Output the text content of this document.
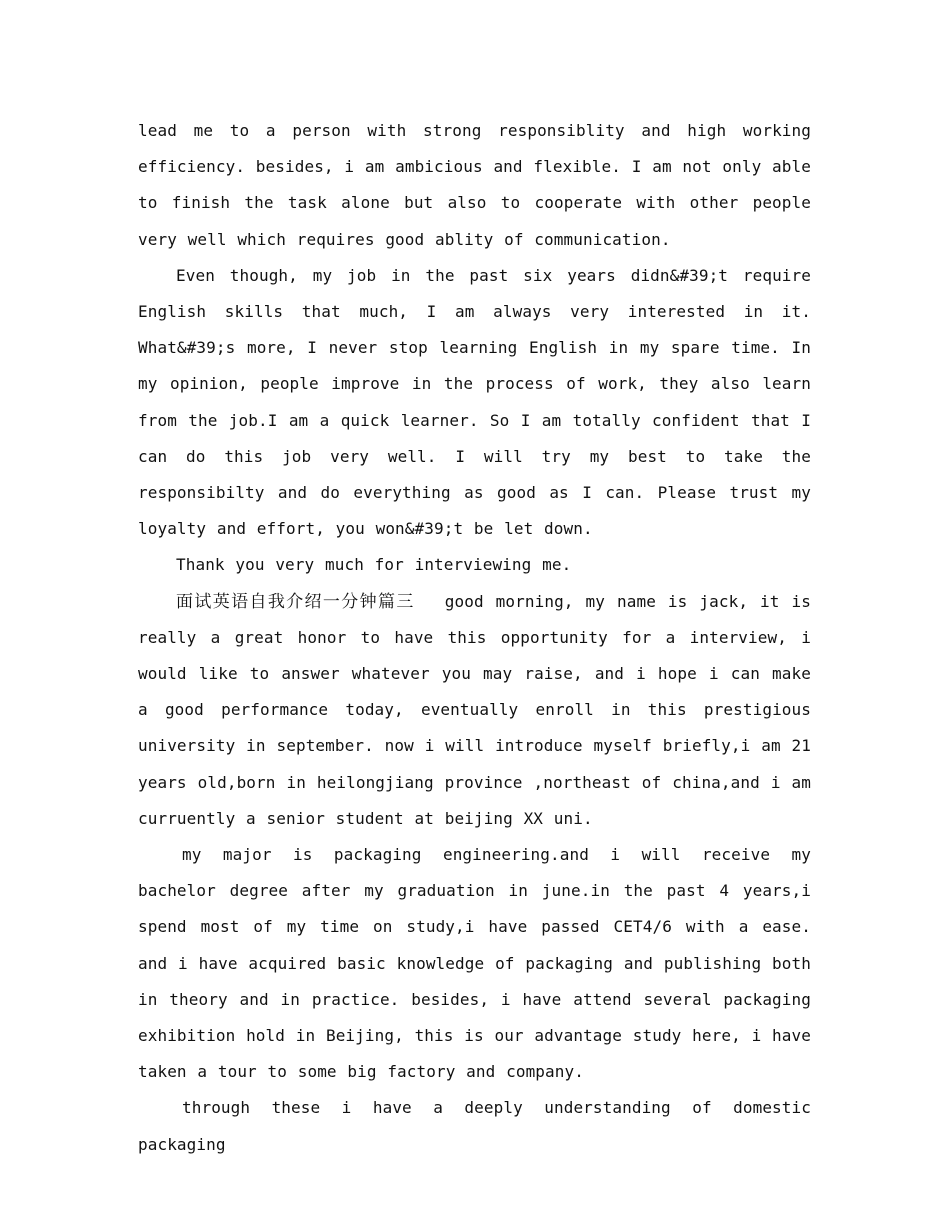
lead me to a person with strong responsiblity and high working efficiency. besides, i am ambicious and flexible. I am not only able to finish the task alone but also to cooperate with other people very well which requires good ablity of communication.

Even though, my job in the past six years didn&#39;t require English skills that much, I am always very interested in it. What&#39;s more, I never stop learning English in my spare time. In my opinion, people improve in the process of work, they also learn from the job.I am a quick learner. So I am totally confident that I can do this job very well. I will try my best to take the responsibilty and do everything as good as I can. Please trust my loyalty and effort, you won&#39;t be let down.

Thank you very much for interviewing me.

面试英语自我介绍一分钟篇三 good morning, my name is jack, it is really a great honor to have this opportunity for a interview, i would like to answer whatever you may raise, and i hope i can make a good performance today, eventually enroll in this prestigious university in september. now i will introduce myself briefly,i am 21 years old,born in heilongjiang province ,northeast of china,and i am curruently a senior student at beijing XX uni.

my major is packaging engineering.and i will receive my bachelor degree after my graduation in june.in the past 4 years,i spend most of my time on study,i have passed CET4/6 with a ease. and i have acquired basic knowledge of packaging and publishing both in theory and in practice. besides, i have attend several packaging exhibition hold in Beijing, this is our advantage study here, i have taken a tour to some big factory and company.

through these i have a deeply understanding of domestic packaging
